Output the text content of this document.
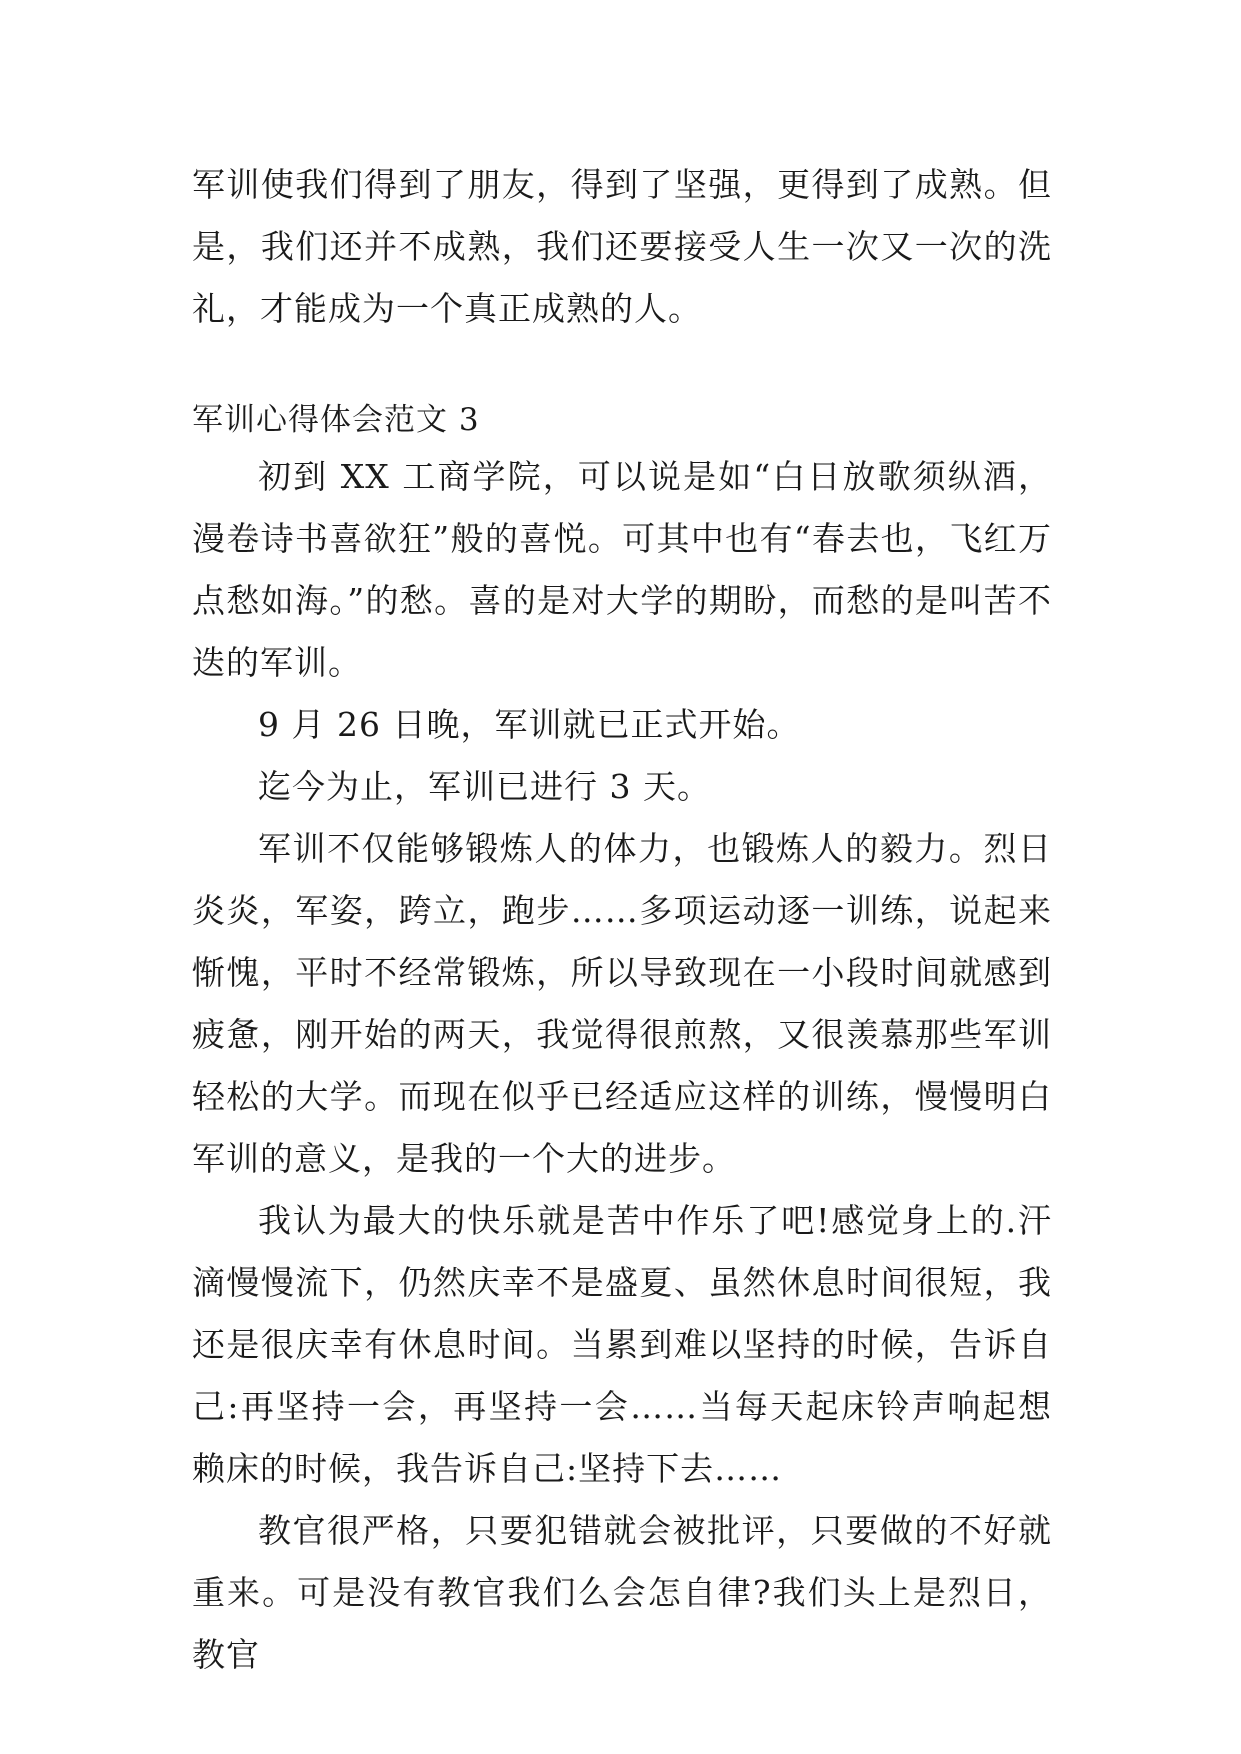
军训使我们得到了朋友，得到了坚强，更得到了成熟。但是，我们还并不成熟，我们还要接受人生一次又一次的洗礼，才能成为一个真正成熟的人。

军训心得体会范文 3

初到 XX 工商学院，可以说是如“白日放歌须纵酒，漫卷诗书喜欲狂”般的喜悦。可其中也有“春去也，飞红万点愁如海。”的愁。喜的是对大学的期盼，而愁的是叫苦不迭的军训。

9 月 26 日晚，军训就已正式开始。

迄今为止，军训已进行 3 天。

军训不仅能够锻炼人的体力，也锻炼人的毅力。烈日炎炎，军姿，跨立，跑步……多项运动逐一训练，说起来惭愧，平时不经常锻炼，所以导致现在一小段时间就感到疲惫，刚开始的两天，我觉得很煎熬，又很羡慕那些军训轻松的大学。而现在似乎已经适应这样的训练，慢慢明白军训的意义，是我的一个大的进步。

我认为最大的快乐就是苦中作乐了吧!感觉身上的.汗滴慢慢流下，仍然庆幸不是盛夏、虽然休息时间很短，我还是很庆幸有休息时间。当累到难以坚持的时候，告诉自己:再坚持一会，再坚持一会……当每天起床铃声响起想赖床的时候，我告诉自己:坚持下去……

教官很严格，只要犯错就会被批评，只要做的不好就重来。可是没有教官我们么会怎自律?我们头上是烈日，教官
